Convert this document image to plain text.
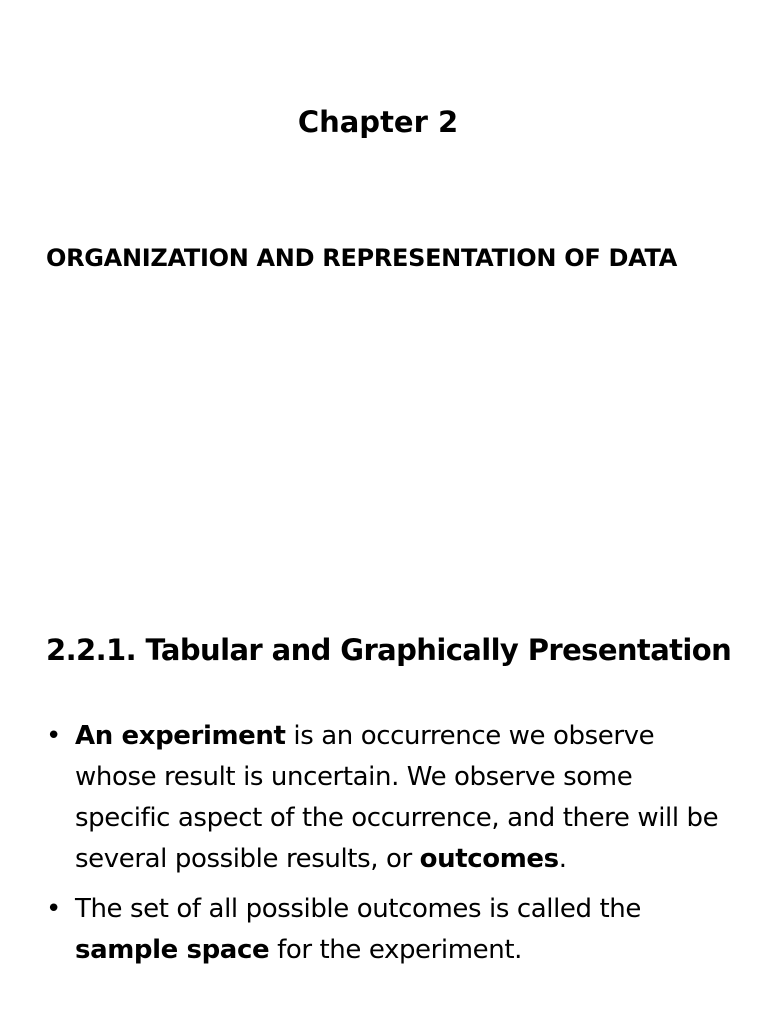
Chapter 2
ORGANIZATION AND REPRESENTATION OF DATA
2.2.1. Tabular and Graphically Presentation
• An experiment is an occurrence we observe whose result is uncertain. We observe some specific aspect of the occurrence, and there will be several possible results, or outcomes.
• The set of all possible outcomes is called the sample space for the experiment.
